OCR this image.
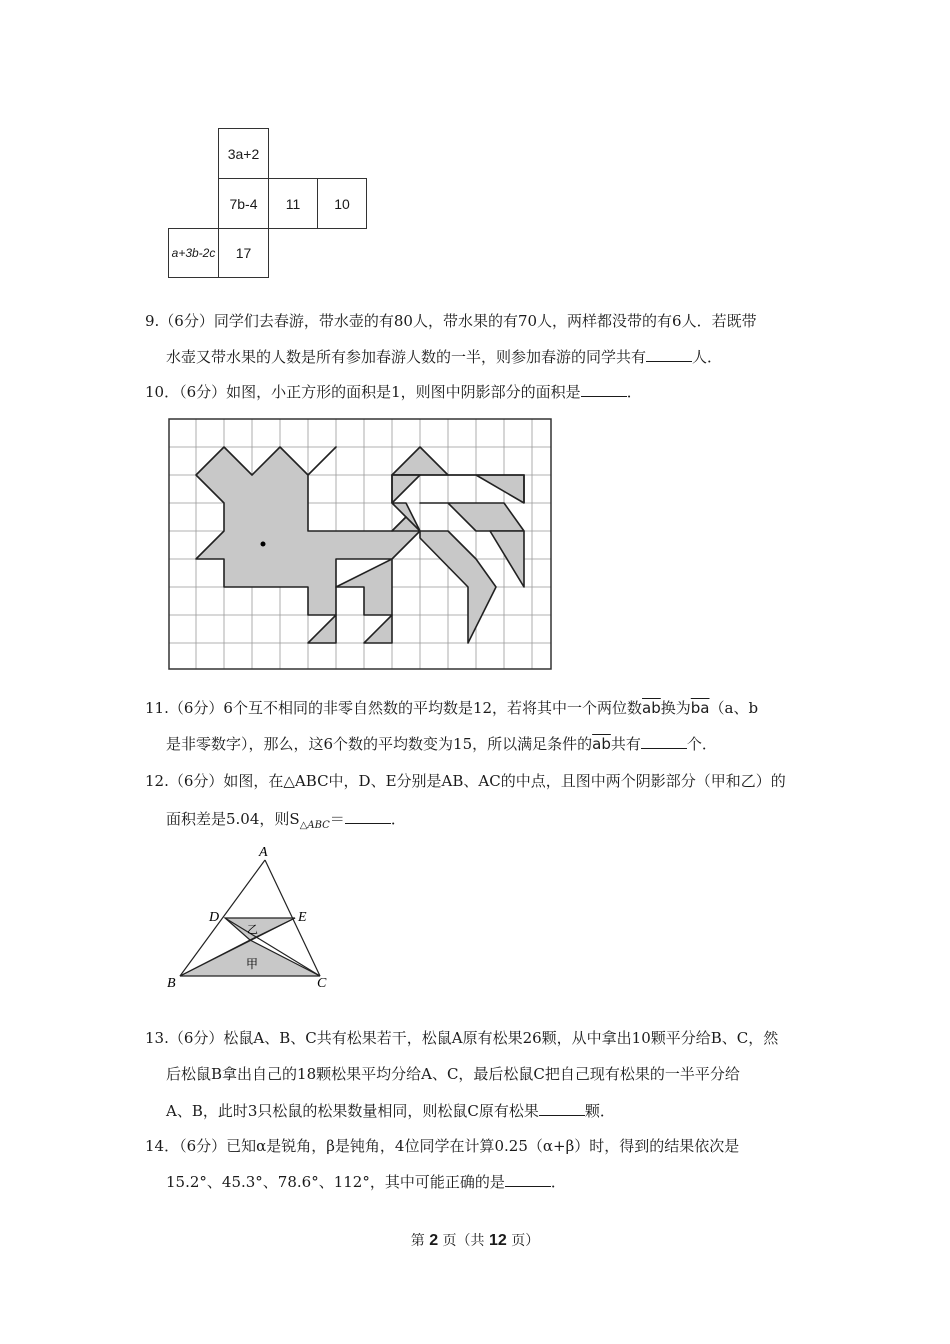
3a+2
7b-4 11 10
a+3b-2c 17
9.（6分）同学们去春游，带水壶的有80人，带水果的有70人，两样都没带的有6人．若既带
水壶又带水果的人数是所有参加春游人数的一半，则参加春游的同学共有	人．
10．（6分）如图，小正方形的面积是1，则图中阴影部分的面积是	．
11.（6分）6个互不相同的非零自然数的平均数是12，若将其中一个两位数$\overline{ab}$换为$\overline{ba}(a$、b
是非零数字），那么，这6个数的平均数变为15，所以满足条件的$\overline{ab}$共有	个．
12.（6分）如图，在△ABC中，D、E分别是AB、AC的中点，且图中两个阴影部分（甲和乙）的
面积差是5.04，则$S_{\triangle ABC}=$	．
A
B	C
D	E
甲
乙
13.（6分）松鼠A、B、C共有松果若干，松鼠A原有松果26颗，从中拿出10颗平分给B、C，然
后松鼠B拿出自己的18颗松果平均分给A、C，最后松鼠C把自己现有松果的一半平分给
A、B，此时3只松鼠的松果数量相同，则松鼠C原有松果	颗．
14．（6分）已知α是锐角，β是钝角，4位同学在计算0.25（α+β）时，得到的结果依次是
15.2°、45.3°、78.6°、112°，其中可能正确的是	．
第 2 页（共 12 页）
